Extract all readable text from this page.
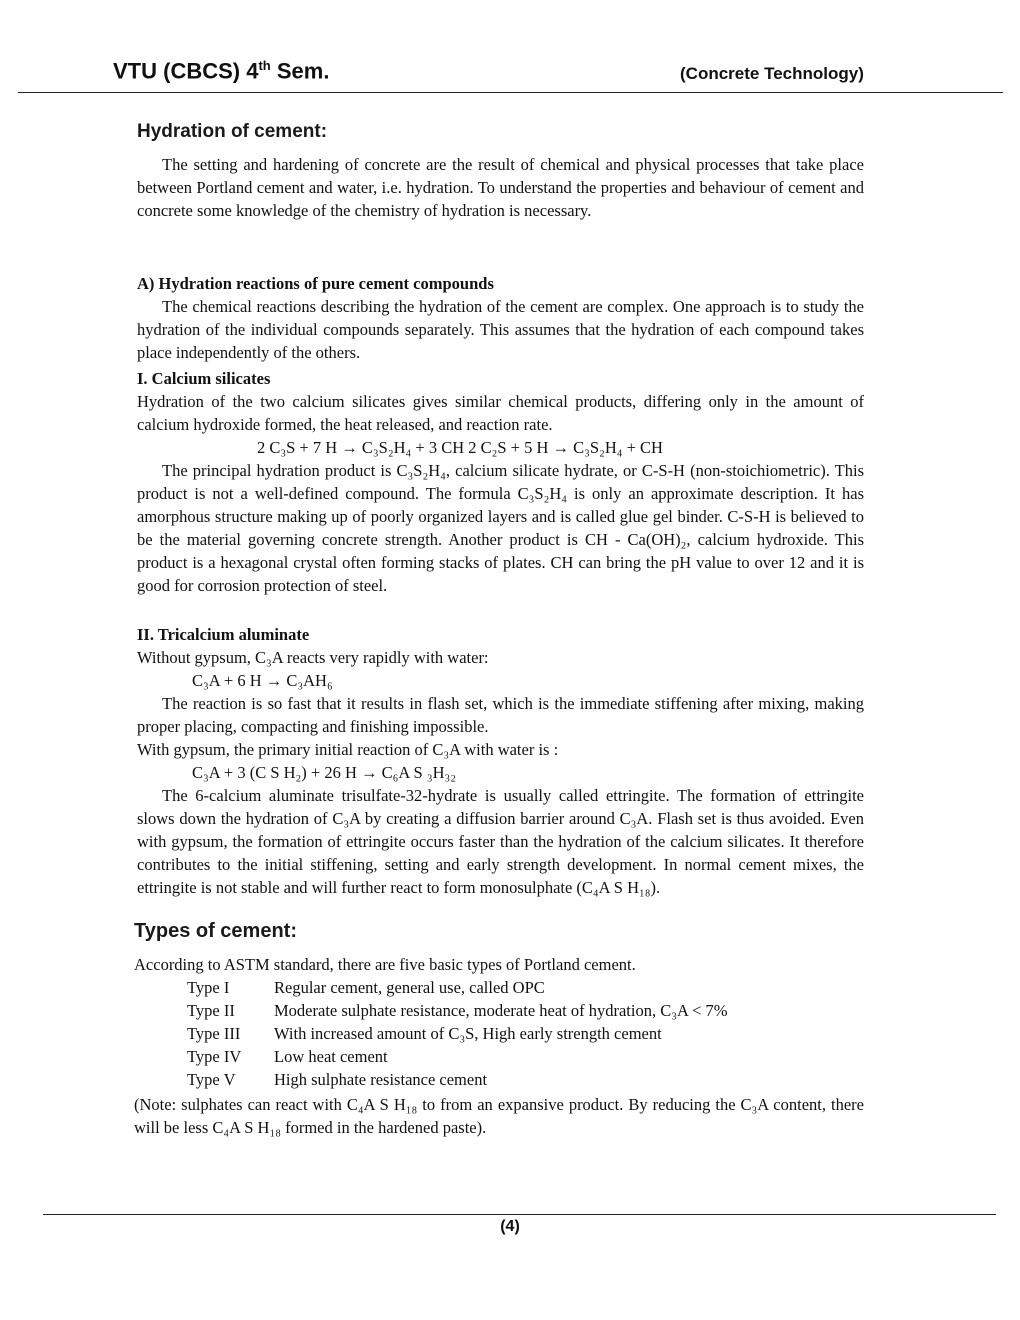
VTU (CBCS) 4th Sem.	(Concrete Technology)
Hydration of cement:

The setting and hardening of concrete are the result of chemical and physical processes that take place between Portland cement and water, i.e. hydration. To understand the properties and behaviour of cement and concrete some knowledge of the chemistry of hydration is necessary.

A) Hydration reactions of pure cement compounds

The chemical reactions describing the hydration of the cement are complex. One approach is to study the hydration of the individual compounds separately. This assumes that the hydration of each compound takes place independently of the others.

I. Calcium silicates

Hydration of the two calcium silicates gives similar chemical products, differing only in the amount of calcium hydroxide formed, the heat released, and reaction rate.

2 C₃S + 7 H → C₃S₂H₄ + 3 CH 2 C₂S + 5 H → C₃S₂H₄ + CH

The principal hydration product is C₃S₂H₄, calcium silicate hydrate, or C-S-H (non-stoichiometric). This product is not a well-defined compound. The formula C₃S₂H₄ is only an approximate description. It has amorphous structure making up of poorly organized layers and is called glue gel binder. C-S-H is believed to be the material governing concrete strength. Another product is CH - Ca(OH)₂, calcium hydroxide. This product is a hexagonal crystal often forming stacks of plates. CH can bring the pH value to over 12 and it is good for corrosion protection of steel.

II. Tricalcium aluminate

Without gypsum, C₃A reacts very rapidly with water:

C₃A + 6 H → C₃AH₆

The reaction is so fast that it results in flash set, which is the immediate stiffening after mixing, making proper placing, compacting and finishing impossible.

With gypsum, the primary initial reaction of C₃A with water is :

C₃A + 3 (C S H₂) + 26 H → C₆A S ₃H₃₂

The 6-calcium aluminate trisulfate-32-hydrate is usually called ettringite. The formation of ettringite slows down the hydration of C₃A by creating a diffusion barrier around C₃A. Flash set is thus avoided. Even with gypsum, the formation of ettringite occurs faster than the hydration of the calcium silicates. It therefore contributes to the initial stiffening, setting and early strength development. In normal cement mixes, the ettringite is not stable and will further react to form monosulphate (C₄A S H₁₈).

Types of cement:

According to ASTM standard, there are five basic types of Portland cement.

Type I	Regular cement, general use, called OPC
Type II	Moderate sulphate resistance, moderate heat of hydration, C₃A < 7%
Type III	With increased amount of C₃S, High early strength cement
Type IV	Low heat cement
Type V	High sulphate resistance cement

(Note: sulphates can react with C₄A S H₁₈ to from an expansive product. By reducing the C₃A content, there will be less C₄A S H₁₈ formed in the hardened paste).

(4)
